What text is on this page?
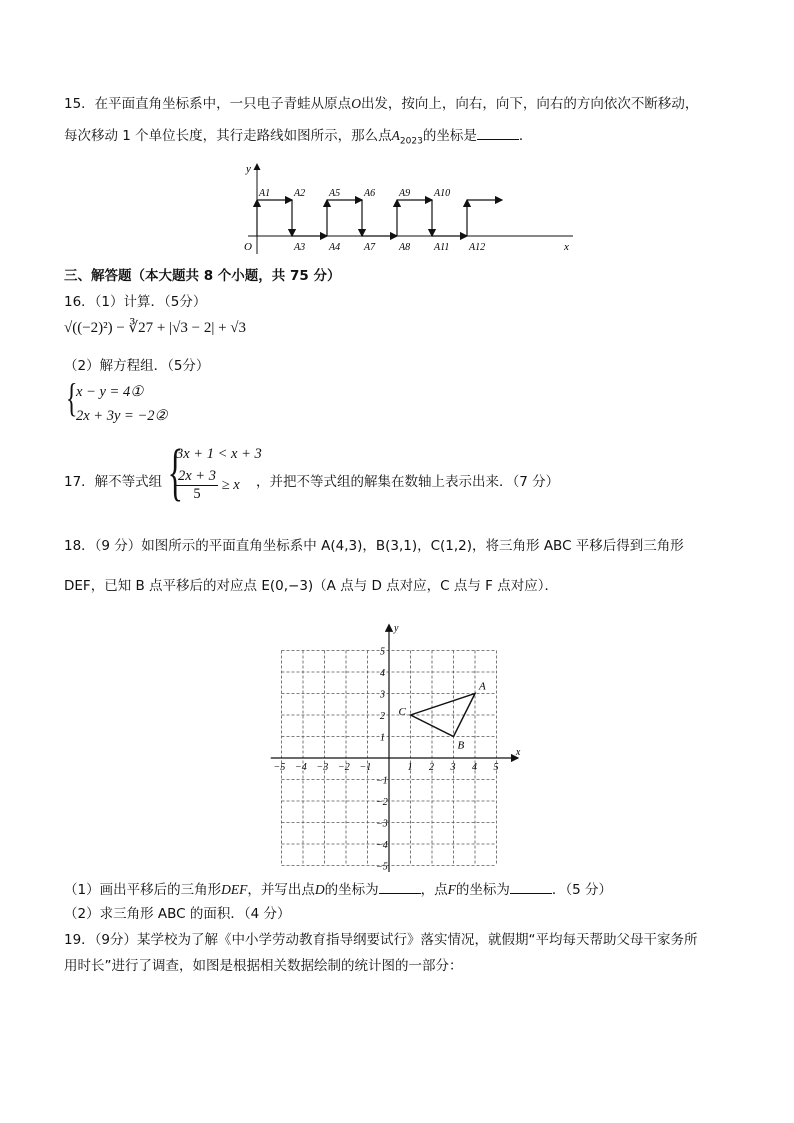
15．在平面直角坐标系中，一只电子青蛙从原点O出发，按向上，向右，向下，向右的方向依次不断移动，
每次移动 1 个单位长度，其行走路线如图所示，那么点$A_{2023}$的坐标是	．
y
x
O
A1 A2
A3 A4
A5 A6
A7 A8
A9 A10
A11 A12
三、解答题（本大题共 8 个小题，共 75 分）
16．（1）计算．（5分）
√((−2)²) − ∛27 + |√3 − 2| + √3
（2）解方程组．（5分）
{
x − y = 4①
2x + 3y = −2②
17．解不等式组 {
3x + 1 < x + 3
$\frac{2x + 3}{5} \ge x$ ，并把不等式组的解集在数轴上表示出来．（7 分）
18．（9 分）如图所示的平面直角坐标系中 A(4,3)，B(3,1)，C(1,2)，将三角形 ABC 平移后得到三角形
DEF，已知 B 点平移后的对应点 E(0,−3)（A 点与 D 点对应，C 点与 F 点对应）．
−5 −4 −3 −2 −1	1 2 3 4 5
5
4
3
2
1
−1
−2
−3
−4
−5
x
y
A
B
C
（1）画出平移后的三角形DEF，并写出点D的坐标为	，点F的坐标为	．（5 分）
（2）求三角形 ABC 的面积．（4 分）
19．（9分）某学校为了解《中小学劳动教育指导纲要试行》落实情况，就假期“平均每天帮助父母干家务所
用时长”进行了调查，如图是根据相关数据绘制的统计图的一部分：
